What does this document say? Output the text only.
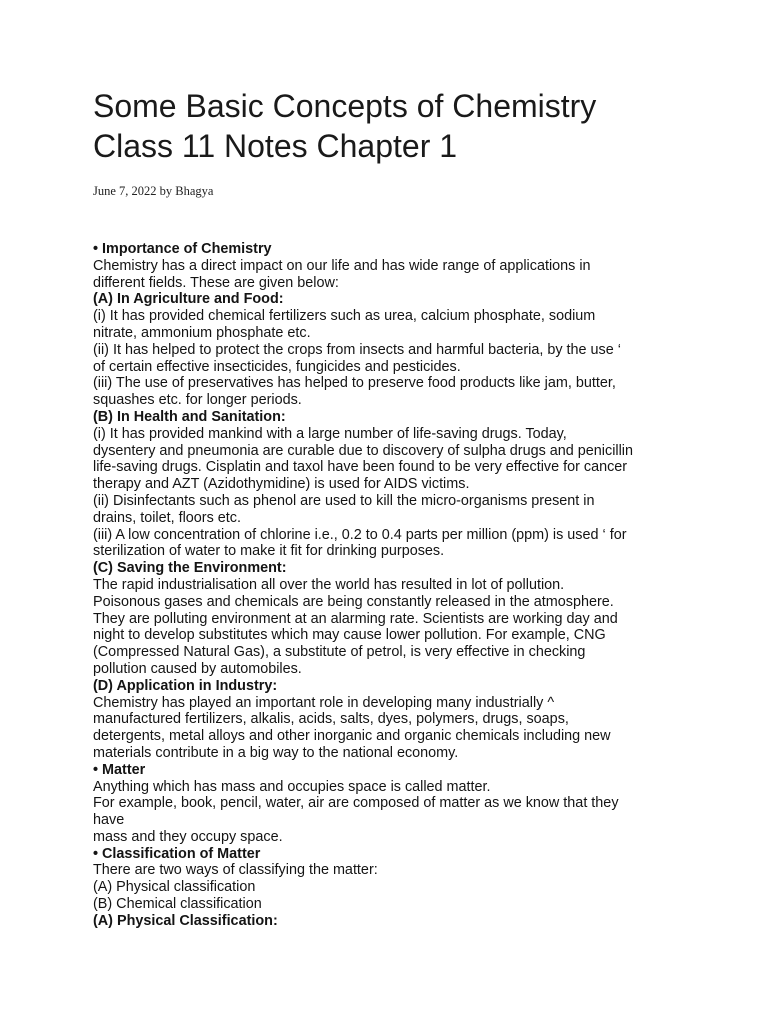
Some Basic Concepts of Chemistry
Class 11 Notes Chapter 1
June 7, 2022 by Bhagya
• Importance of Chemistry
Chemistry has a direct impact on our life and has wide range of applications in
different fields. These are given below:
(A) In Agriculture and Food:
(i) It has provided chemical fertilizers such as urea, calcium phosphate, sodium
nitrate, ammonium phosphate etc.
(ii) It has helped to protect the crops from insects and harmful bacteria, by the use ‘
of certain effective insecticides, fungicides and pesticides.
(iii) The use of preservatives has helped to preserve food products like jam, butter,
squashes etc. for longer periods.
(B) In Health and Sanitation:
(i) It has provided mankind with a large number of life-saving drugs. Today,
dysentery and pneumonia are curable due to discovery of sulpha drugs and penicillin
life-saving drugs. Cisplatin and taxol have been found to be very effective for cancer
therapy and AZT (Azidothymidine) is used for AIDS victims.
(ii) Disinfectants such as phenol are used to kill the micro-organisms present in
drains, toilet, floors etc.
(iii) A low concentration of chlorine i.e., 0.2 to 0.4 parts per million (ppm) is used ‘ for
sterilization of water to make it fit for drinking purposes.
(C) Saving the Environment:
The rapid industrialisation all over the world has resulted in lot of pollution.
Poisonous gases and chemicals are being constantly released in the atmosphere.
They are polluting environment at an alarming rate. Scientists are working day and
night to develop substitutes which may cause lower pollution. For example, CNG
(Compressed Natural Gas), a substitute of petrol, is very effective in checking
pollution caused by automobiles.
(D) Application in Industry:
Chemistry has played an important role in developing many industrially ^
manufactured fertilizers, alkalis, acids, salts, dyes, polymers, drugs, soaps,
detergents, metal alloys and other inorganic and organic chemicals including new
materials contribute in a big way to the national economy.
• Matter
Anything which has mass and occupies space is called matter.
For example, book, pencil, water, air are composed of matter as we know that they
have
mass and they occupy space.
• Classification of Matter
There are two ways of classifying the matter:
(A) Physical classification
(B) Chemical classification
(A) Physical Classification:
